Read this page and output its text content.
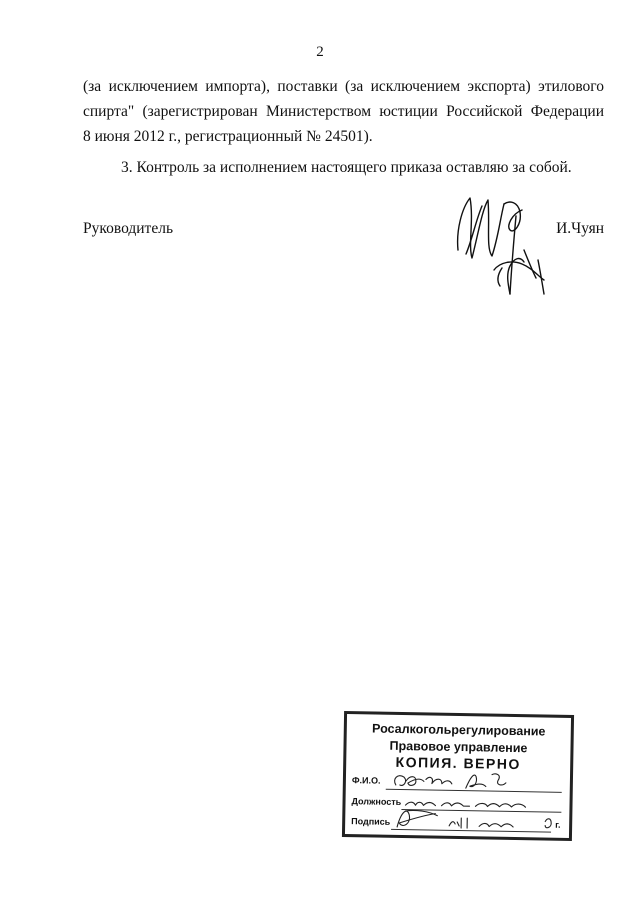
2
(за исключением импорта), поставки (за исключением экспорта) этилового
спирта" (зарегистрирован Министерством юстиции Российской Федерации
8 июня 2012 г., регистрационный № 24501).
3. Контроль за исполнением настоящего приказа оставляю за собой.
Руководитель	И.Чуян
Росалкогольрегулирование
Правовое управление
КОПИЯ. ВЕРНО
Ф.И.О.
Должность
Подпись	г.
